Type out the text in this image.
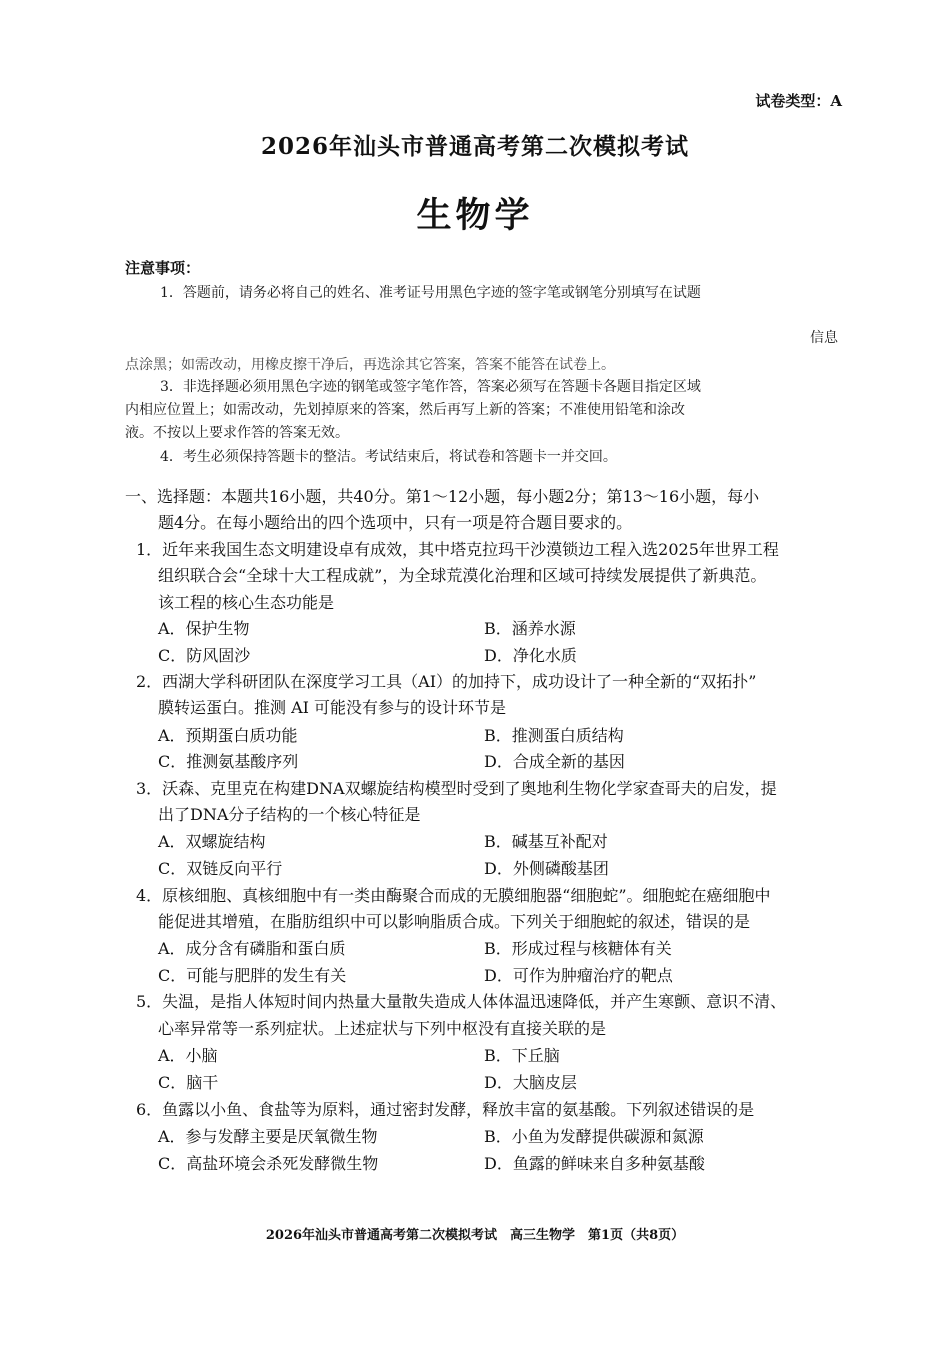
试卷类型：A
2026年汕头市普通高考第二次模拟考试
生物学
注意事项：
1．答题前，请务必将自己的姓名、准考证号用黑色字迹的签字笔或钢笔分别填写在试题
信息
点涂黑；如需改动，用橡皮擦干净后，再选涂其它答案，答案不能答在试卷上。
3．非选择题必须用黑色字迹的钢笔或签字笔作答，答案必须写在答题卡各题目指定区域
内相应位置上；如需改动，先划掉原来的答案，然后再写上新的答案；不准使用铅笔和涂改
液。不按以上要求作答的答案无效。
4．考生必须保持答题卡的整洁。考试结束后，将试卷和答题卡一并交回。
一、选择题：本题共16小题，共40分。第1～12小题，每小题2分；第13～16小题，每小
题4分。在每小题给出的四个选项中，只有一项是符合题目要求的。
1．近年来我国生态文明建设卓有成效，其中塔克拉玛干沙漠锁边工程入选2025年世界工程
组织联合会“全球十大工程成就”，为全球荒漠化治理和区域可持续发展提供了新典范。
该工程的核心生态功能是
A．保护生物	B．涵养水源
C．防风固沙	D．净化水质
2．西湖大学科研团队在深度学习工具（AI）的加持下，成功设计了一种全新的“双拓扑”
膜转运蛋白。推测 AI 可能没有参与的设计环节是
A．预期蛋白质功能	B．推测蛋白质结构
C．推测氨基酸序列	D．合成全新的基因
3．沃森、克里克在构建DNA双螺旋结构模型时受到了奥地利生物化学家查哥夫的启发，提
出了DNA分子结构的一个核心特征是
A．双螺旋结构	B．碱基互补配对
C．双链反向平行	D．外侧磷酸基团
4．原核细胞、真核细胞中有一类由酶聚合而成的无膜细胞器“细胞蛇”。细胞蛇在癌细胞中
能促进其增殖，在脂肪组织中可以影响脂质合成。下列关于细胞蛇的叙述，错误的是
A．成分含有磷脂和蛋白质	B．形成过程与核糖体有关
C．可能与肥胖的发生有关	D．可作为肿瘤治疗的靶点
5．失温，是指人体短时间内热量大量散失造成人体体温迅速降低，并产生寒颤、意识不清、
心率异常等一系列症状。上述症状与下列中枢没有直接关联的是
A．小脑	B．下丘脑
C．脑干	D．大脑皮层
6．鱼露以小鱼、食盐等为原料，通过密封发酵，释放丰富的氨基酸。下列叙述错误的是
A．参与发酵主要是厌氧微生物	B．小鱼为发酵提供碳源和氮源
C．高盐环境会杀死发酵微生物	D．鱼露的鲜味来自多种氨基酸
2026年汕头市普通高考第二次模拟考试　高三生物学　第1页（共8页）
